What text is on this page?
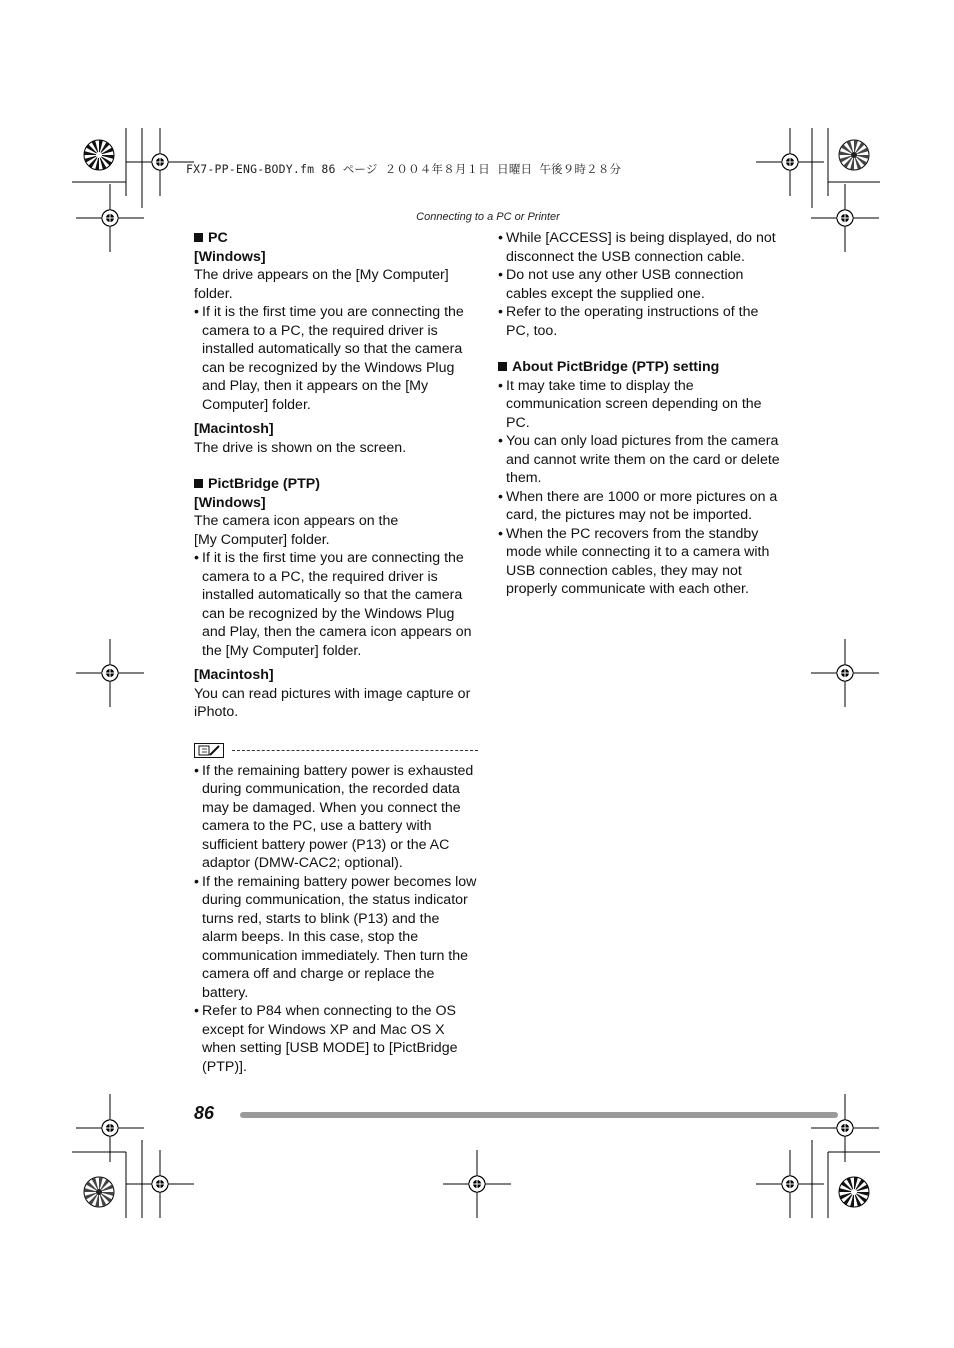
FX7-PP-ENG-BODY.fm 86 ページ ２００４年８月１日 日曜日 午後９時２８分
Connecting to a PC or Printer

PC

[Windows]

The drive appears on the [My Computer] folder.

• If it is the first time you are connecting the camera to a PC, the required driver is installed automatically so that the camera can be recognized by the Windows Plug and Play, then it appears on the [My Computer] folder.

[Macintosh]

The drive is shown on the screen.

PictBridge (PTP)

[Windows]

The camera icon appears on the [My Computer] folder.

• If it is the first time you are connecting the camera to a PC, the required driver is installed automatically so that the camera can be recognized by the Windows Plug and Play, then the camera icon appears on the [My Computer] folder.

[Macintosh]

You can read pictures with image capture or iPhoto.

• If the remaining battery power is exhausted during communication, the recorded data may be damaged. When you connect the camera to the PC, use a battery with sufficient battery power (P13) or the AC adaptor (DMW-CAC2; optional).
• If the remaining battery power becomes low during communication, the status indicator turns red, starts to blink (P13) and the alarm beeps. In this case, stop the communication immediately. Then turn the camera off and charge or replace the battery.
• Refer to P84 when connecting to the OS except for Windows XP and Mac OS X when setting [USB MODE] to [PictBridge (PTP)].
• While [ACCESS] is being displayed, do not disconnect the USB connection cable.
• Do not use any other USB connection cables except the supplied one.
• Refer to the operating instructions of the PC, too.

About PictBridge (PTP) setting

• It may take time to display the communication screen depending on the PC.
• You can only load pictures from the camera and cannot write them on the card or delete them.
• When there are 1000 or more pictures on a card, the pictures may not be imported.
• When the PC recovers from the standby mode while connecting it to a camera with USB connection cables, they may not properly communicate with each other.
86
